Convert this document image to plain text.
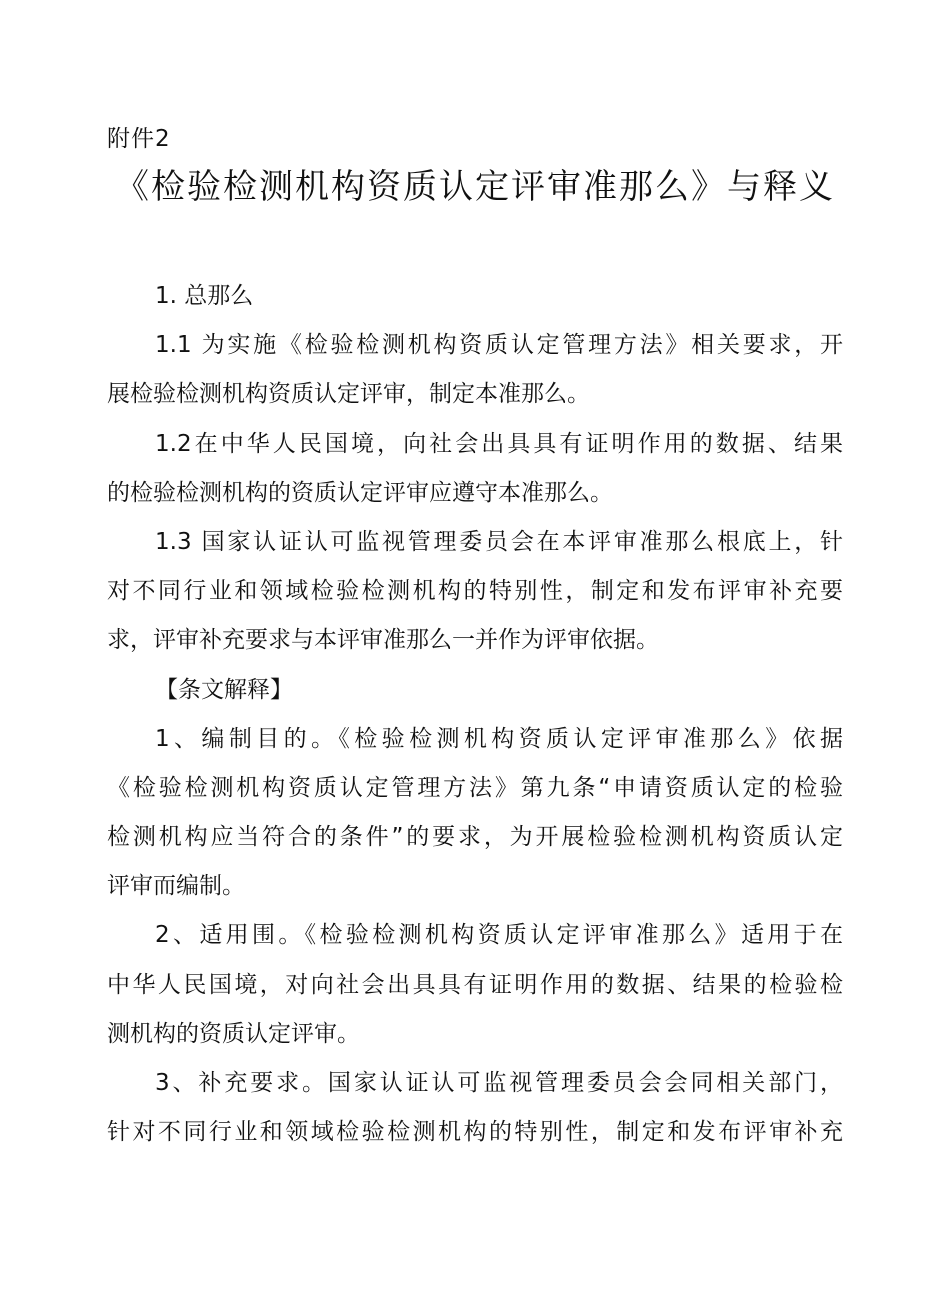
附件2
《检验检测机构资质认定评审准那么》与释义
1. 总那么
1.1 为实施《检验检测机构资质认定管理方法》相关要求，开
展检验检测机构资质认定评审，制定本准那么。
1.2在中华人民国境，向社会出具具有证明作用的数据、结果
的检验检测机构的资质认定评审应遵守本准那么。
1.3 国家认证认可监视管理委员会在本评审准那么根底上，针
对不同行业和领域检验检测机构的特别性，制定和发布评审补充要
求，评审补充要求与本评审准那么一并作为评审依据。
【条文解释】
1、编制目的。《检验检测机构资质认定评审准那么》依据
《检验检测机构资质认定管理方法》第九条“申请资质认定的检验
检测机构应当符合的条件”的要求，为开展检验检测机构资质认定
评审而编制。
2、适用围。《检验检测机构资质认定评审准那么》适用于在
中华人民国境，对向社会出具具有证明作用的数据、结果的检验检
测机构的资质认定评审。
3、补充要求。国家认证认可监视管理委员会会同相关部门，
针对不同行业和领域检验检测机构的特别性，制定和发布评审补充
